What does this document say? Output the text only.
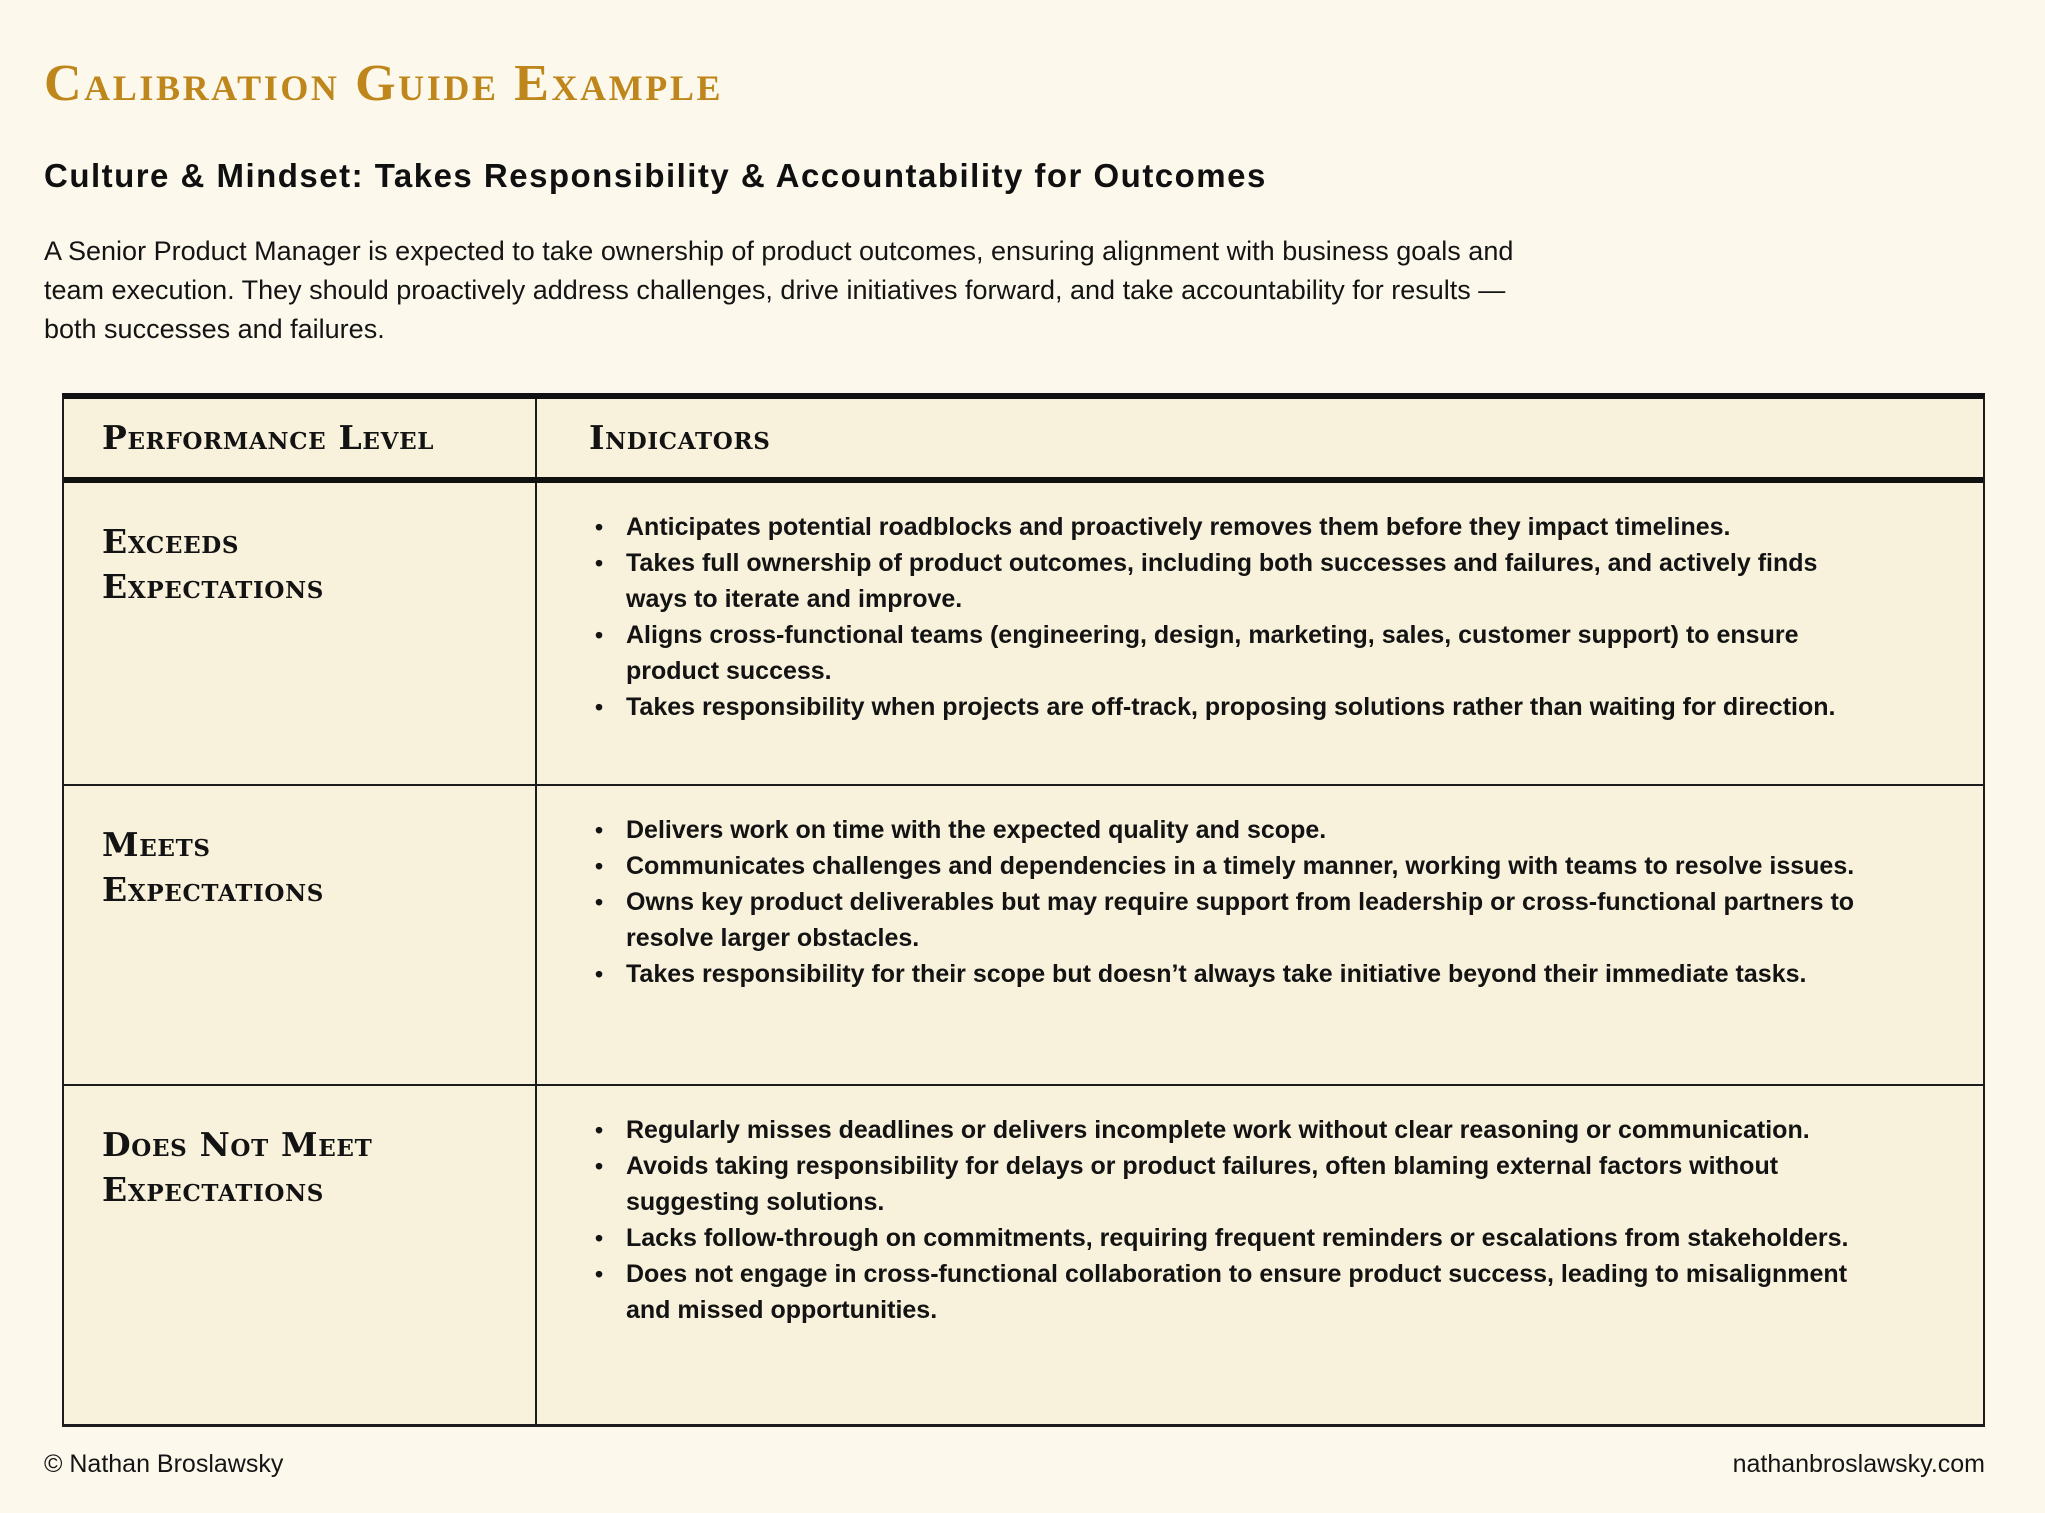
Calibration Guide Example
Culture & Mindset: Takes Responsibility & Accountability for Outcomes
A Senior Product Manager is expected to take ownership of product outcomes, ensuring alignment with business goals and
team execution. They should proactively address challenges, drive initiatives forward, and take accountability for results —
both successes and failures.
Performance Level	Indicators
Exceeds
Expectations
• Anticipates potential roadblocks and proactively removes them before they impact timelines.
• Takes full ownership of product outcomes, including both successes and failures, and actively finds ways to iterate and improve.
• Aligns cross-functional teams (engineering, design, marketing, sales, customer support) to ensure product success.
• Takes responsibility when projects are off-track, proposing solutions rather than waiting for direction.
Meets
Expectations
• Delivers work on time with the expected quality and scope.
• Communicates challenges and dependencies in a timely manner, working with teams to resolve issues.
• Owns key product deliverables but may require support from leadership or cross-functional partners to resolve larger obstacles.
• Takes responsibility for their scope but doesn’t always take initiative beyond their immediate tasks.
Does Not Meet
Expectations
• Regularly misses deadlines or delivers incomplete work without clear reasoning or communication.
• Avoids taking responsibility for delays or product failures, often blaming external factors without suggesting solutions.
• Lacks follow-through on commitments, requiring frequent reminders or escalations from stakeholders.
• Does not engage in cross-functional collaboration to ensure product success, leading to misalignment and missed opportunities.
© Nathan Broslawsky	nathanbroslawsky.com
